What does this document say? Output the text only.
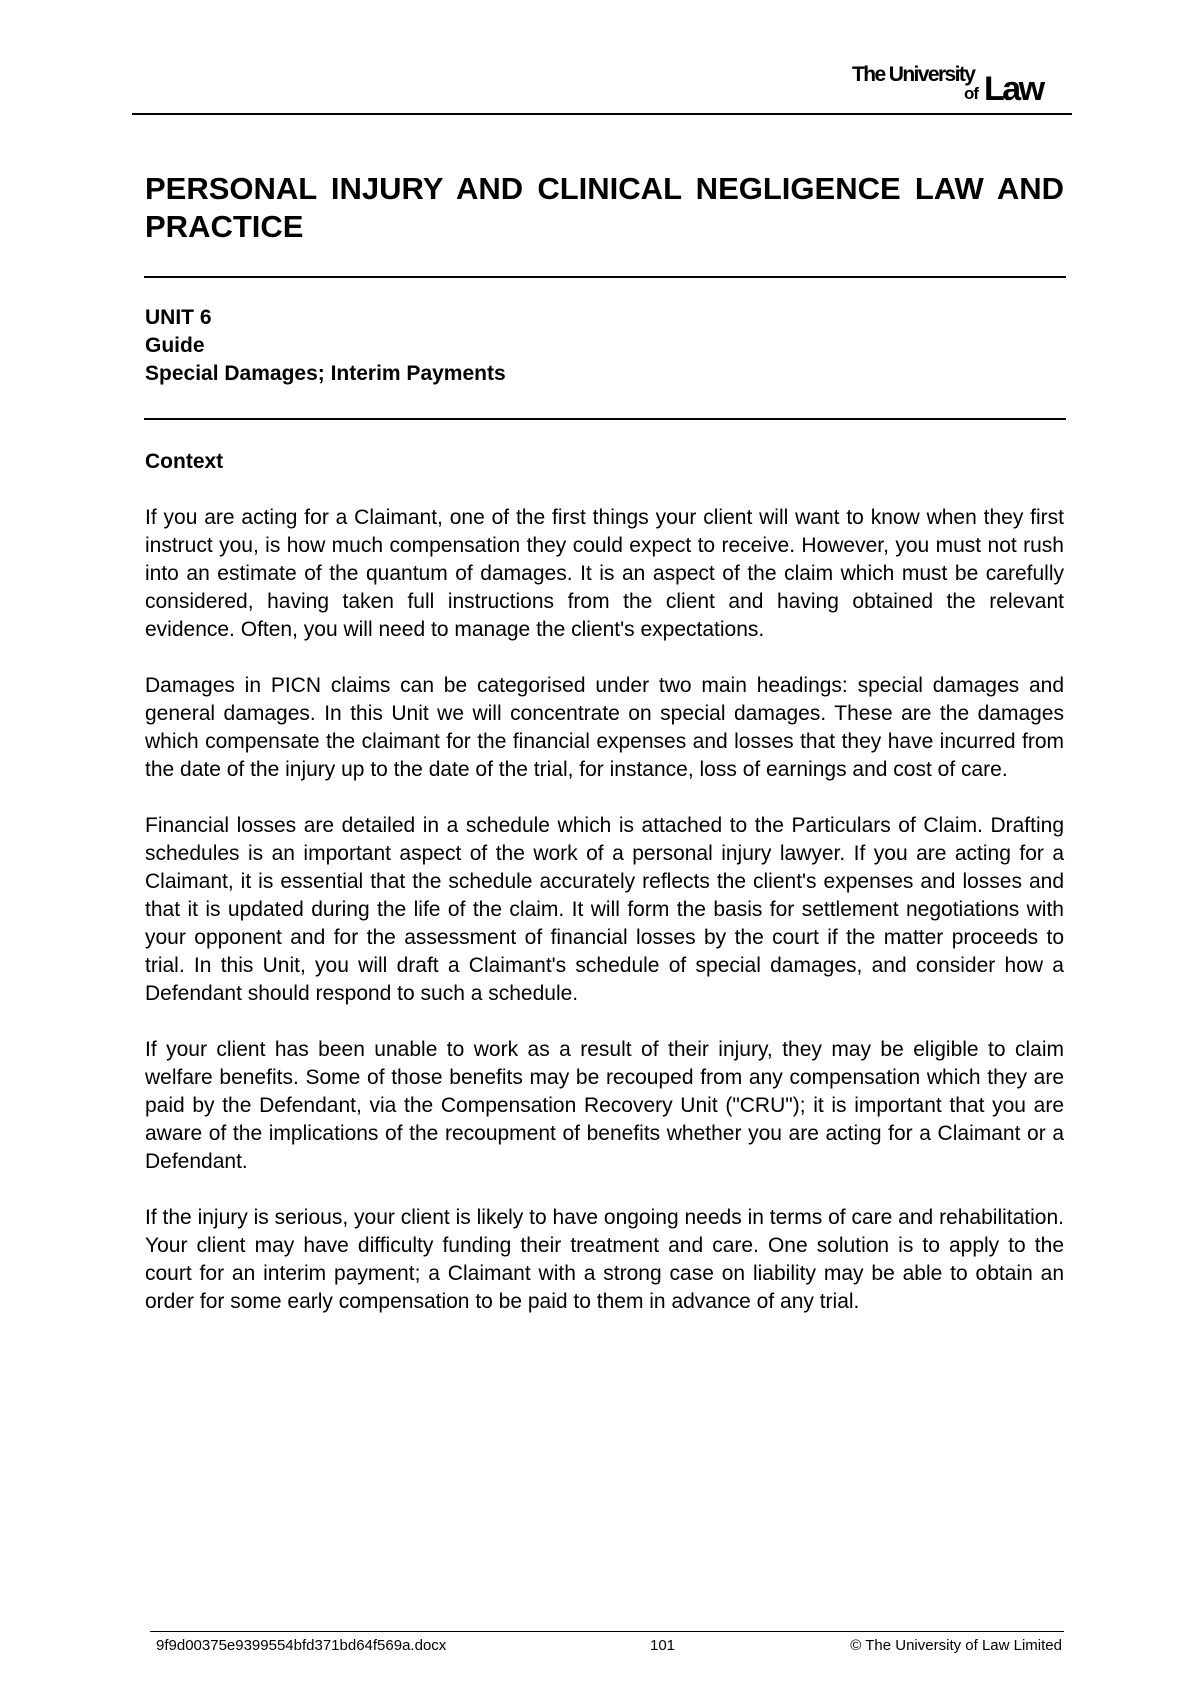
The University
of Law
PERSONAL INJURY AND CLINICAL NEGLIGENCE LAW AND PRACTICE
UNIT 6
Guide
Special Damages; Interim Payments
Context

If you are acting for a Claimant, one of the first things your client will want to know when they first instruct you, is how much compensation they could expect to receive. However, you must not rush into an estimate of the quantum of damages. It is an aspect of the claim which must be carefully considered, having taken full instructions from the client and having obtained the relevant evidence. Often, you will need to manage the client's expectations.

Damages in PICN claims can be categorised under two main headings: special damages and general damages. In this Unit we will concentrate on special damages. These are the damages which compensate the claimant for the financial expenses and losses that they have incurred from the date of the injury up to the date of the trial, for instance, loss of earnings and cost of care.

Financial losses are detailed in a schedule which is attached to the Particulars of Claim. Drafting schedules is an important aspect of the work of a personal injury lawyer. If you are acting for a Claimant, it is essential that the schedule accurately reflects the client's expenses and losses and that it is updated during the life of the claim. It will form the basis for settlement negotiations with your opponent and for the assessment of financial losses by the court if the matter proceeds to trial. In this Unit, you will draft a Claimant's schedule of special damages, and consider how a Defendant should respond to such a schedule.

If your client has been unable to work as a result of their injury, they may be eligible to claim welfare benefits. Some of those benefits may be recouped from any compensation which they are paid by the Defendant, via the Compensation Recovery Unit ("CRU"); it is important that you are aware of the implications of the recoupment of benefits whether you are acting for a Claimant or a Defendant.

If the injury is serious, your client is likely to have ongoing needs in terms of care and rehabilitation. Your client may have difficulty funding their treatment and care. One solution is to apply to the court for an interim payment; a Claimant with a strong case on liability may be able to obtain an order for some early compensation to be paid to them in advance of any trial.

9f9d00375e9399554bfd371bd64f569a.docx	101	© The University of Law Limited
